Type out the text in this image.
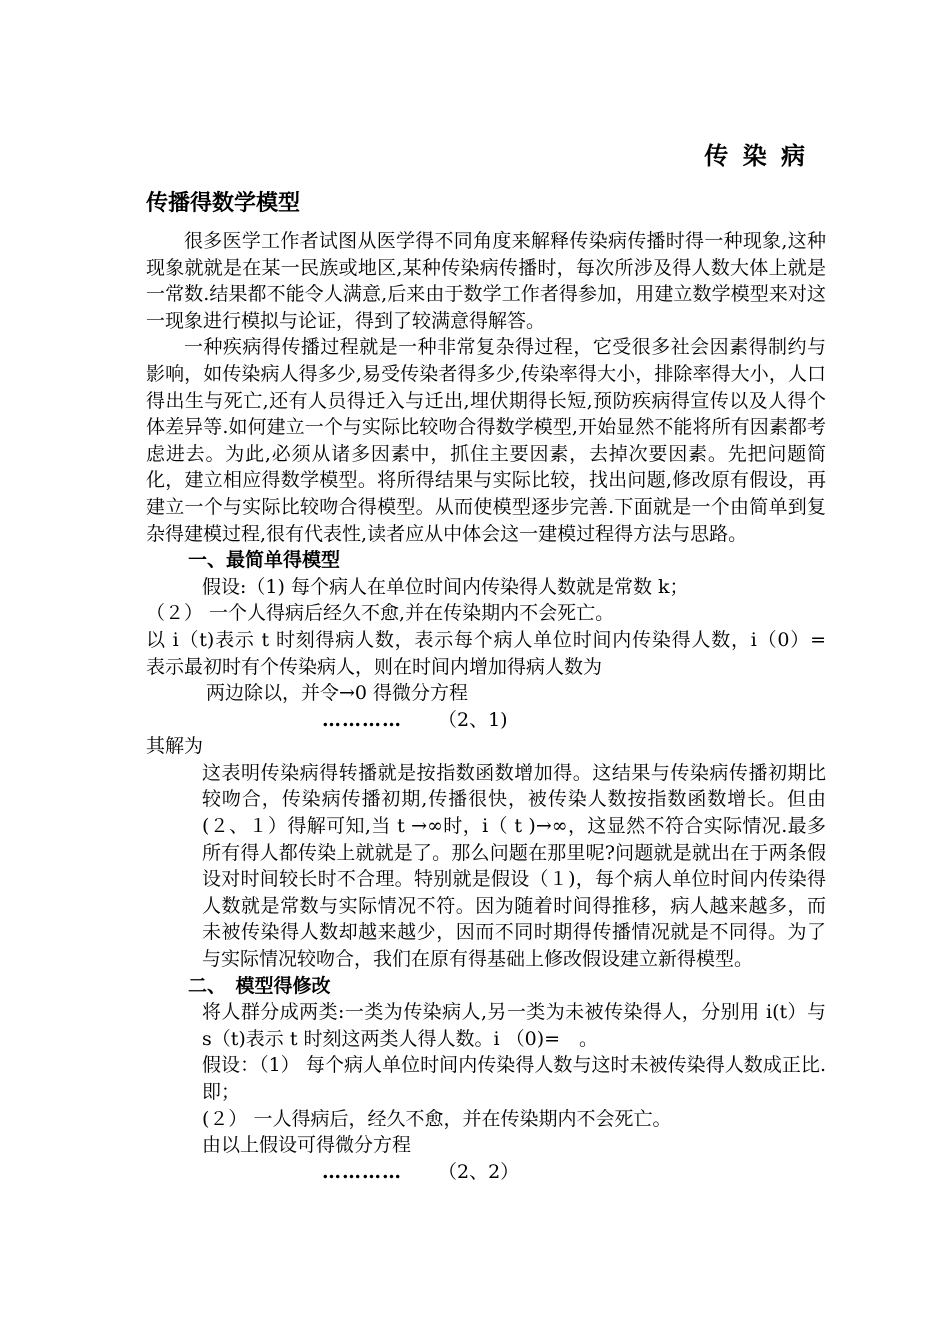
传 染 病
传播得数学模型

很多医学工作者试图从医学得不同角度来解释传染病传播时得一种现象,这种现象就就是在某一民族或地区,某种传染病传播时，每次所涉及得人数大体上就是一常数.结果都不能令人满意,后来由于数学工作者得参加，用建立数学模型来对这一现象进行模拟与论证，得到了较满意得解答。

一种疾病得传播过程就是一种非常复杂得过程，它受很多社会因素得制约与影响，如传染病人得多少,易受传染者得多少,传染率得大小，排除率得大小，人口得出生与死亡,还有人员得迁入与迁出,埋伏期得长短,预防疾病得宣传以及人得个体差异等.如何建立一个与实际比较吻合得数学模型,开始显然不能将所有因素都考虑进去。为此,必须从诸多因素中，抓住主要因素，去掉次要因素。先把问题简化，建立相应得数学模型。将所得结果与实际比较，找出问题,修改原有假设，再建立一个与实际比较吻合得模型。从而使模型逐步完善.下面就是一个由简单到复杂得建模过程,很有代表性,读者应从中体会这一建模过程得方法与思路。

一、最简单得模型

假设:（1) 每个病人在单位时间内传染得人数就是常数 k；

（２） 一个人得病后经久不愈,并在传染期内不会死亡。

以 i（t)表示 t 时刻得病人数，表示每个病人单位时间内传染得人数，i（0）=　表示最初时有个传染病人，则在时间内增加得病人数为

两边除以，并令→0 得微分方程

………… （2、1)

其解为

这表明传染病得转播就是按指数函数增加得。这结果与传染病传播初期比较吻合，传染病传播初期,传播很快，被传染人数按指数函数增长。但由(２、１）得解可知,当 t →∞时，i（ t )→∞，这显然不符合实际情况.最多所有得人都传染上就就是了。那么问题在那里呢?问题就是就出在于两条假设对时间较长时不合理。特别就是假设（１)，每个病人单位时间内传染得人数就是常数与实际情况不符。因为随着时间得推移，病人越来越多，而未被传染得人数却越来越少，因而不同时期得传播情况就是不同得。为了与实际情况较吻合，我们在原有得基础上修改假设建立新得模型。

二、　模型得修改

将人群分成两类:一类为传染病人,另一类为未被传染得人，分别用 i(t）与 s（t)表示 t 时刻这两类人得人数。i （0)=　。

假设：（1） 每个病人单位时间内传染得人数与这时未被传染得人数成正比.即；

(２） 一人得病后，经久不愈，并在传染期内不会死亡。

由以上假设可得微分方程

………… （2、2）
